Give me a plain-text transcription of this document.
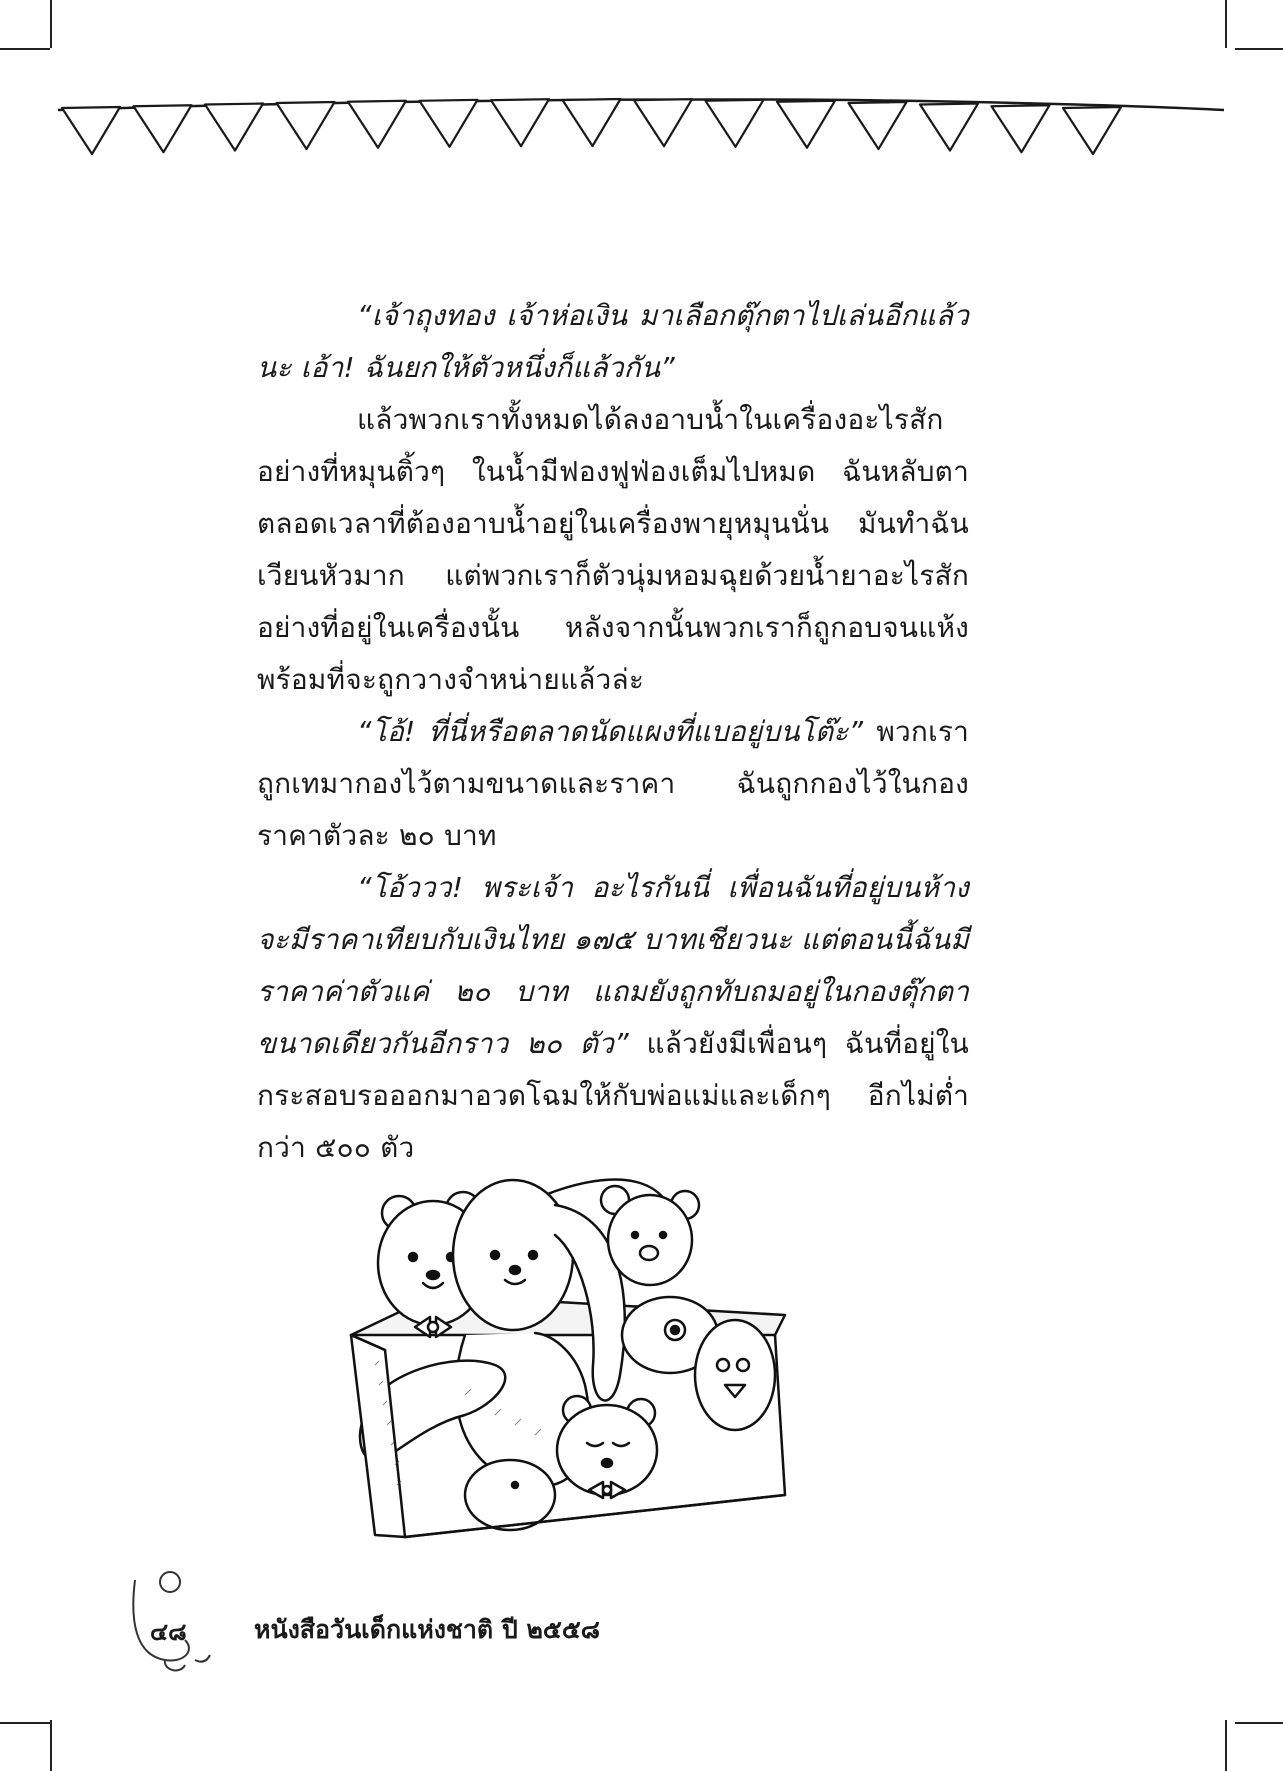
“เจ้าถุงทอง เจ้าห่อเงิน มาเลือกตุ๊กตาไปเล่นอีกแล้วนะ เอ้า! ฉันยกให้ตัวหนึ่งก็แล้วกัน”

แล้วพวกเราทั้งหมดได้ลงอาบน้ำในเครื่องอะไรสักอย่างที่หมุนติ้วๆ ในน้ำมีฟองฟูฟ่องเต็มไปหมด ฉันหลับตาตลอดเวลาที่ต้องอาบน้ำอยู่ในเครื่องพายุหมุนนั่น มันทำฉันเวียนหัวมาก แต่พวกเราก็ตัวนุ่มหอมฉุยด้วยน้ำยาอะไรสักอย่างที่อยู่ในเครื่องนั้น หลังจากนั้นพวกเราก็ถูกอบจนแห้ง พร้อมที่จะถูกวางจำหน่ายแล้วล่ะ

“โอ้! ที่นี่หรือตลาดนัดแผงที่แบอยู่บนโต๊ะ” พวกเราถูกเทมากองไว้ตามขนาดและราคา ฉันถูกกองไว้ในกองราคาตัวละ ๒๐ บาท

“โอ้ววว! พระเจ้า อะไรกันนี่ เพื่อนฉันที่อยู่บนห้างจะมีราคาเทียบกับเงินไทย ๑๗๕ บาทเชียวนะ แต่ตอนนี้ฉันมีราคาค่าตัวแค่ ๒๐ บาท แถมยังถูกทับถมอยู่ในกองตุ๊กตาขนาดเดียวกันอีกราว ๒๐ ตัว” แล้วยังมีเพื่อนๆ ฉันที่อยู่ในกระสอบรอออกมาอวดโฉมให้กับพ่อแม่และเด็กๆ อีกไม่ต่ำกว่า ๕๐๐ ตัว

๔๘	หนังสือวันเด็กแห่งชาติ ปี ๒๕๕๘
